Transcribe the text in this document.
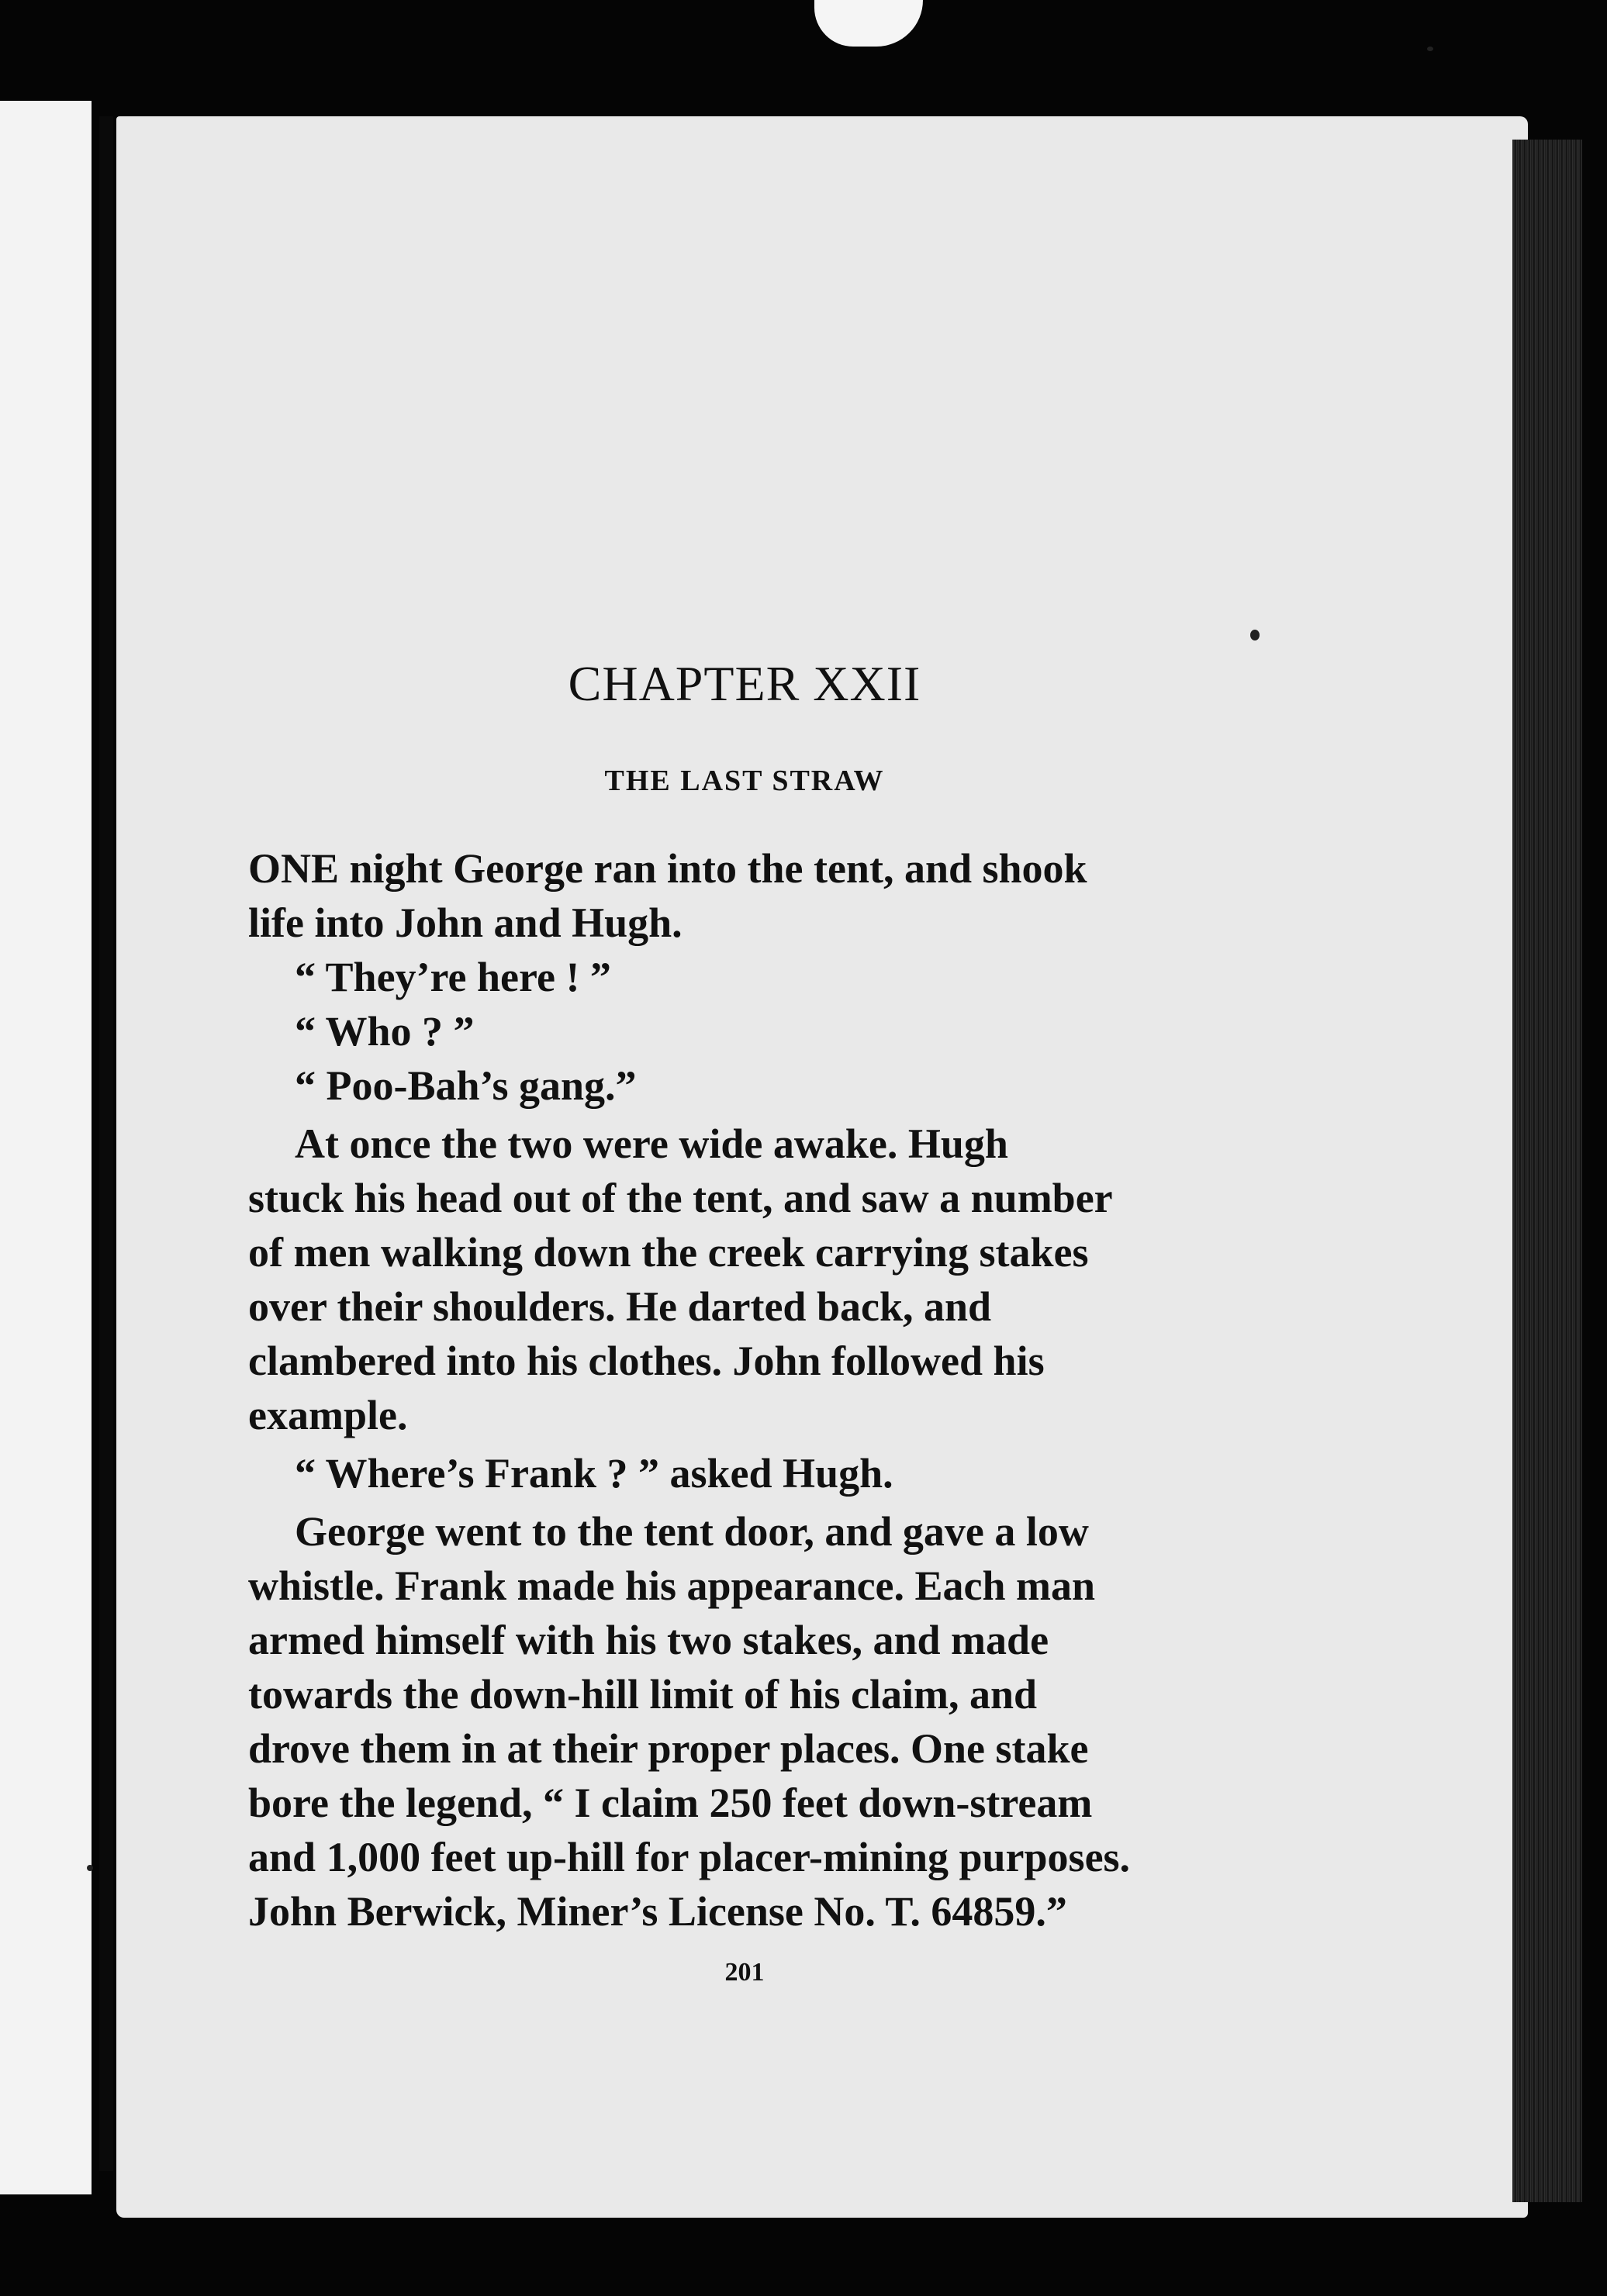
CHAPTER XXII
THE LAST STRAW
ONE night George ran into the tent, and shook
life into John and Hugh.
“ They’re here ! ”
“ Who ? ”
“ Poo-Bah’s gang.”
At once the two were wide awake. Hugh
stuck his head out of the tent, and saw a number
of men walking down the creek carrying stakes
over their shoulders. He darted back, and
clambered into his clothes. John followed his
example.
“ Where’s Frank ? ” asked Hugh.
George went to the tent door, and gave a low
whistle. Frank made his appearance. Each man
armed himself with his two stakes, and made
towards the down-hill limit of his claim, and
drove them in at their proper places. One stake
bore the legend, “ I claim 250 feet down-stream
and 1,000 feet up-hill for placer-mining purposes.
John Berwick, Miner’s License No. T. 64859.”
201
